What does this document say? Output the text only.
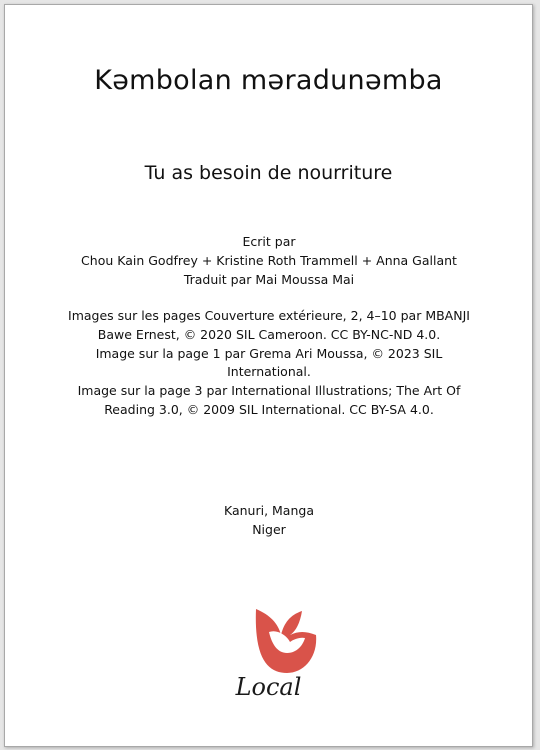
Kəmbolan məradunəmba
Tu as besoin de nourriture
Ecrit par
Chou Kain Godfrey + Kristine Roth Trammell + Anna Gallant
Traduit par Mai Moussa Mai
Images sur les pages Couverture extérieure, 2, 4–10 par MBANJI
Bawe Ernest, © 2020 SIL Cameroon. CC BY-NC-ND 4.0.
Image sur la page 1 par Grema Ari Moussa, © 2023 SIL
International.
Image sur la page 3 par International Illustrations; The Art Of
Reading 3.0, © 2009 SIL International. CC BY-SA 4.0.
Kanuri, Manga
Niger
Local
